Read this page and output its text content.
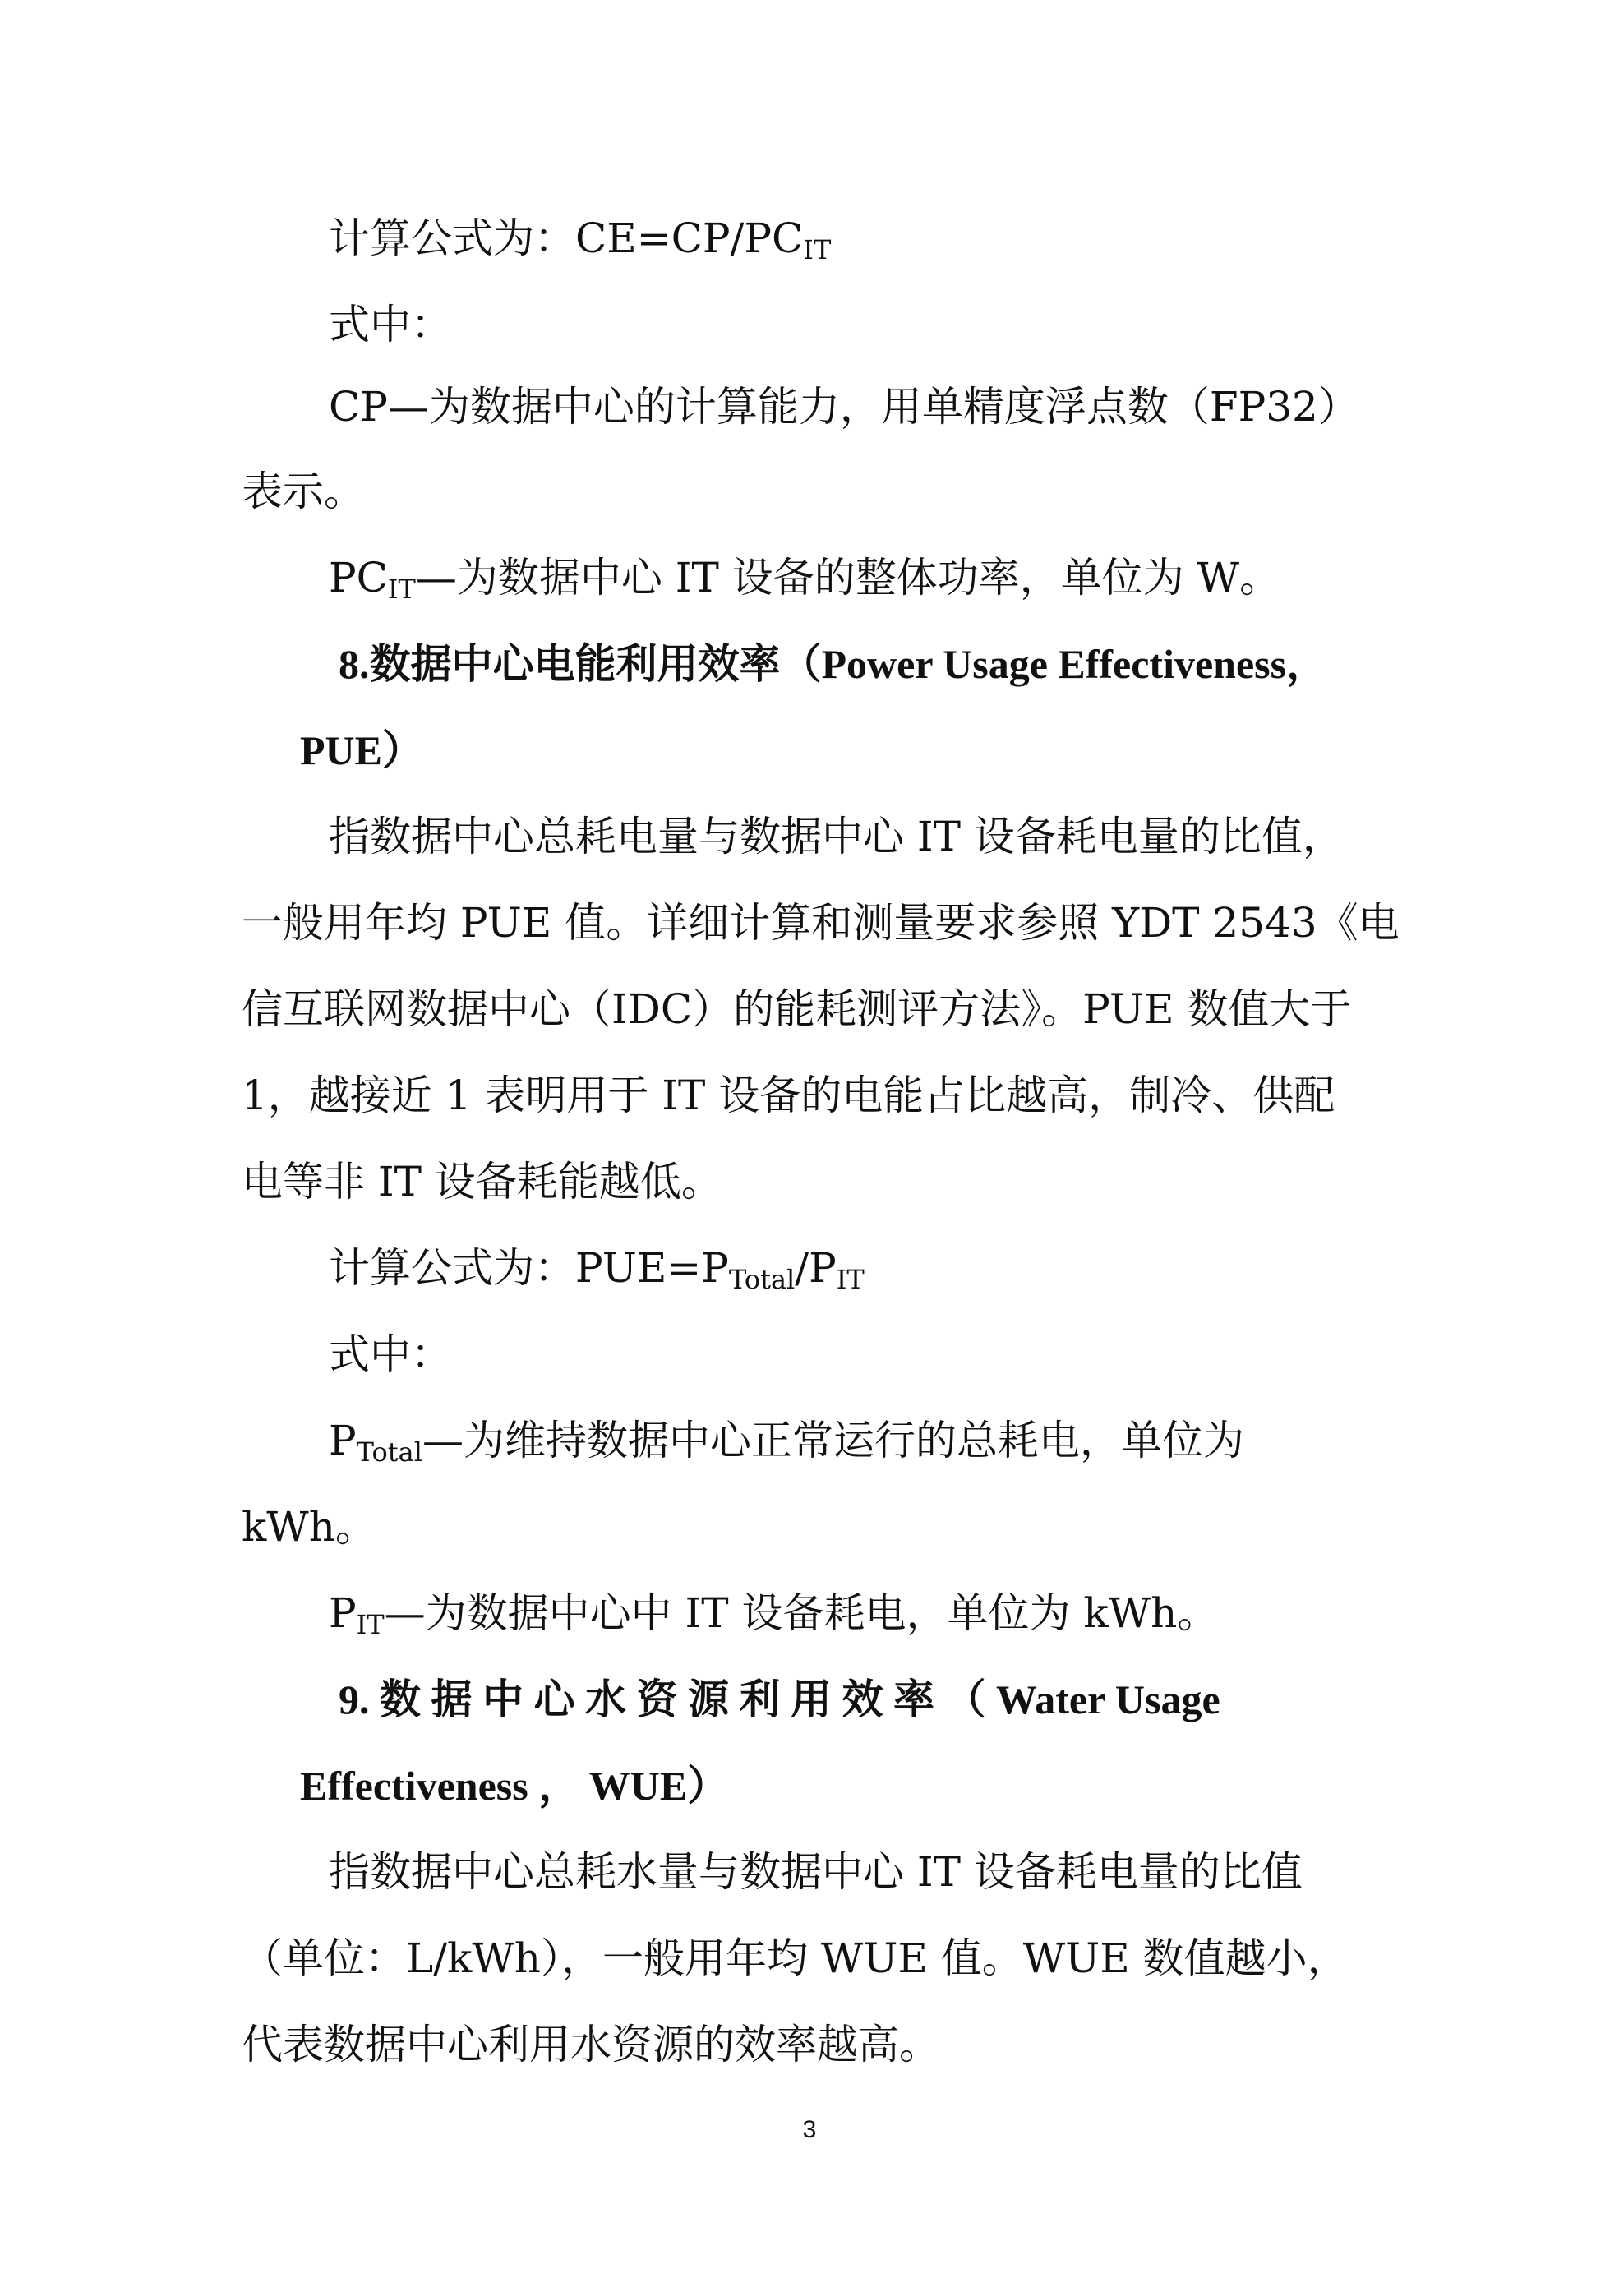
计算公式为：$CE=CP/PC_{IT}$
式中：
CP—为数据中心的计算能力，用单精度浮点数（FP32）
表示。
$PC_{IT}—$为数据中心 IT 设备的整体功率，单位为 W。
8.数据中心电能利用效率（Power Usage Effectiveness，
PUE）
指数据中心总耗电量与数据中心 IT 设备耗电量的比值，
一般用年均 PUE 值。详细计算和测量要求参照 YDT 2543《电
信互联网数据中心（IDC）的能耗测评方法》。PUE 数值大于
1，越接近 1 表明用于 IT 设备的电能占比越高，制冷、供配
电等非 IT 设备耗能越低。
计算公式为：$PUE=P_{Total}/P_{IT}$
式中：
$P_{Total}—$为维持数据中心正常运行的总耗电，单位为
kWh。
$P_{IT}—$为数据中心中 IT 设备耗电，单位为 kWh。
9. 数 据 中 心 水 资 源 利 用 效 率 （ Water Usage
Effectiveness ， WUE）
指数据中心总耗水量与数据中心 IT 设备耗电量的比值
（单位：L/kWh），一般用年均 WUE 值。WUE 数值越小，
代表数据中心利用水资源的效率越高。
3
